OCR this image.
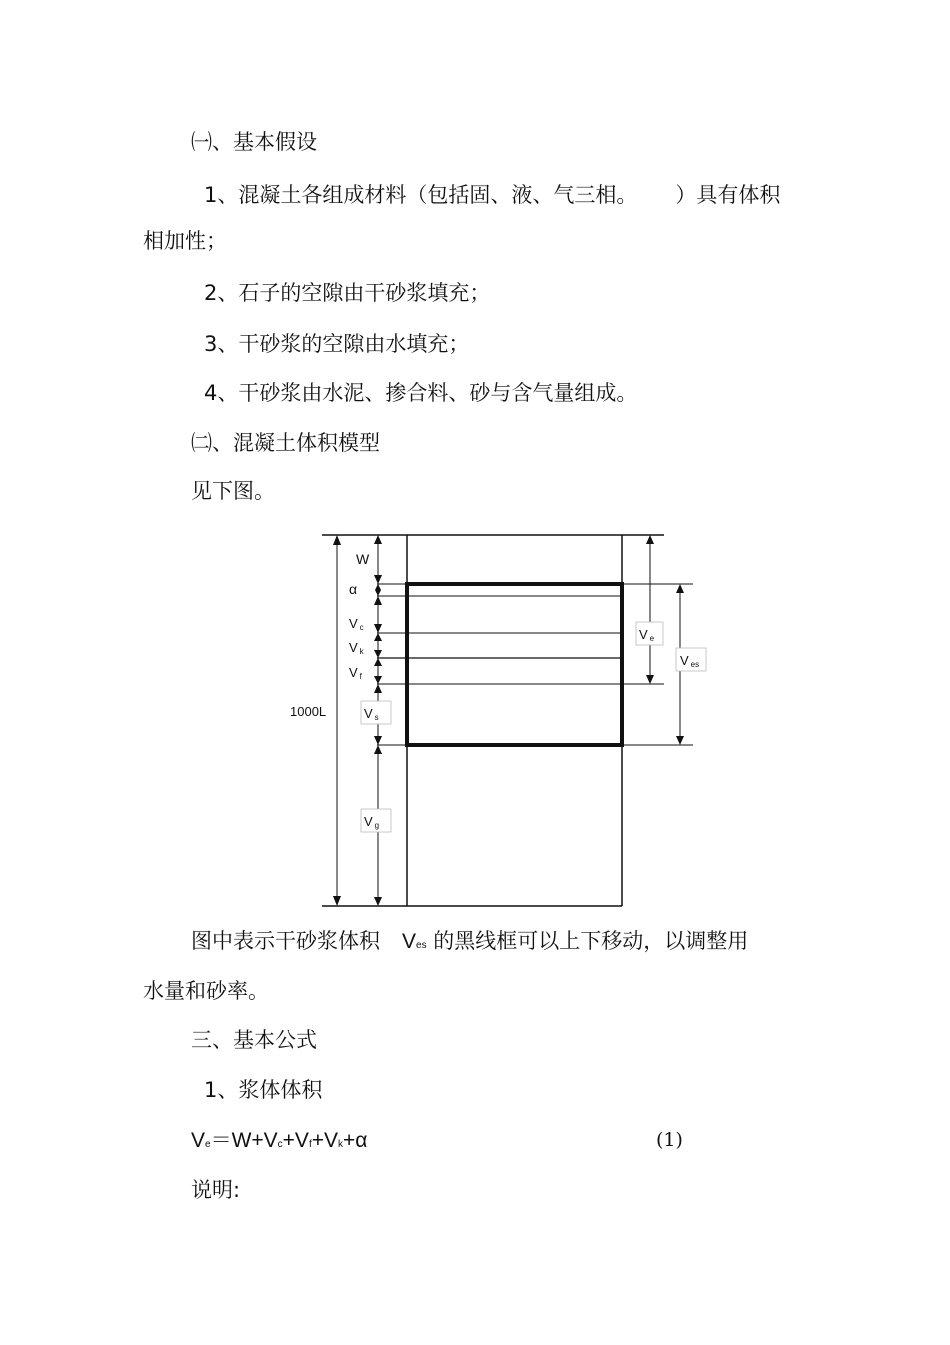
㈠、基本假设
1、混凝土各组成材料（包括固、液、气三相。 ）具有体积
相加性；
2、石子的空隙由干砂浆填充；
3、干砂浆的空隙由水填充；
4、干砂浆由水泥、掺合料、砂与含气量组成。
㈡、混凝土体积模型
见下图。
1000L
W
α
Vc
Vk
Vf
Vs
Vg
Ve
Ves
图中表示干砂浆体积 Ves 的黑线框可以上下移动，以调整用
水量和砂率。
三、基本公式
1、浆体体积
Ve＝W+Vc+Vf+Vk+α	(1)
说明:
